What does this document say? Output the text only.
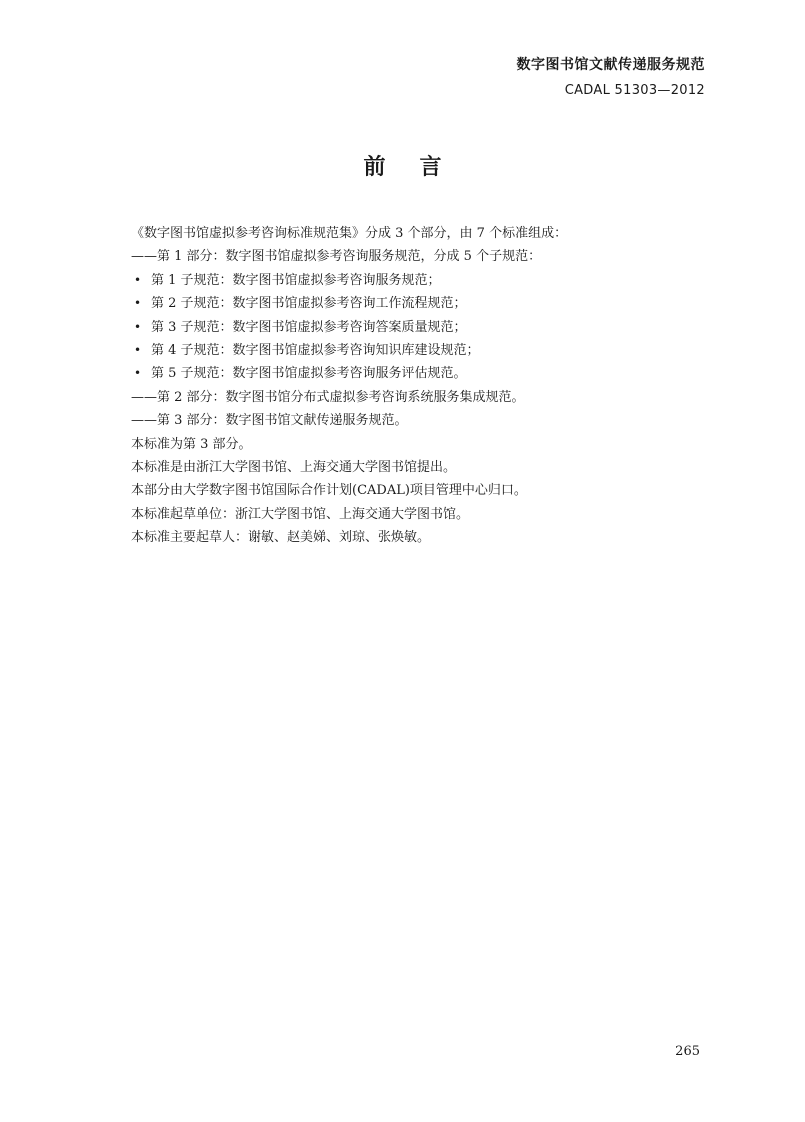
数字图书馆文献传递服务规范
CADAL 51303—2012
前言
《数字图书馆虚拟参考咨询标准规范集》分成 3 个部分，由 7 个标准组成：
——第 1 部分：数字图书馆虚拟参考咨询服务规范，分成 5 个子规范：
• 第 1 子规范：数字图书馆虚拟参考咨询服务规范；
• 第 2 子规范：数字图书馆虚拟参考咨询工作流程规范；
• 第 3 子规范：数字图书馆虚拟参考咨询答案质量规范；
• 第 4 子规范：数字图书馆虚拟参考咨询知识库建设规范；
• 第 5 子规范：数字图书馆虚拟参考咨询服务评估规范。
——第 2 部分：数字图书馆分布式虚拟参考咨询系统服务集成规范。
——第 3 部分：数字图书馆文献传递服务规范。
本标准为第 3 部分。
本标准是由浙江大学图书馆、上海交通大学图书馆提出。
本部分由大学数字图书馆国际合作计划(CADAL)项目管理中心归口。
本标准起草单位：浙江大学图书馆、上海交通大学图书馆。
本标准主要起草人：谢敏、赵美娣、刘琼、张焕敏。
265
